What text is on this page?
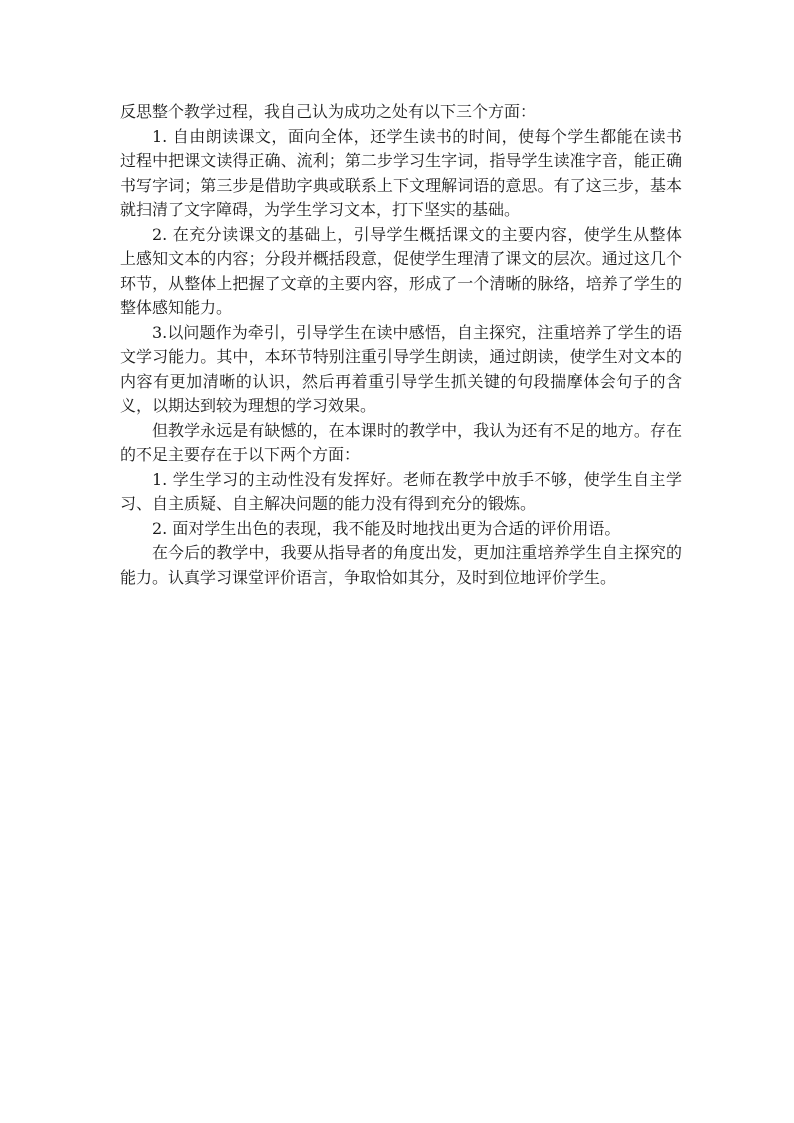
反思整个教学过程，我自己认为成功之处有以下三个方面：

1. 自由朗读课文，面向全体，还学生读书的时间，使每个学生都能在读书过程中把课文读得正确、流利；第二步学习生字词，指导学生读准字音，能正确书写字词；第三步是借助字典或联系上下文理解词语的意思。有了这三步，基本就扫清了文字障碍，为学生学习文本，打下坚实的基础。

2. 在充分读课文的基础上，引导学生概括课文的主要内容，使学生从整体上感知文本的内容；分段并概括段意，促使学生理清了课文的层次。通过这几个环节，从整体上把握了文章的主要内容，形成了一个清晰的脉络，培养了学生的整体感知能力。

3.以问题作为牵引，引导学生在读中感悟，自主探究，注重培养了学生的语文学习能力。其中，本环节特别注重引导学生朗读，通过朗读，使学生对文本的内容有更加清晰的认识，然后再着重引导学生抓关键的句段揣摩体会句子的含义，以期达到较为理想的学习效果。

但教学永远是有缺憾的，在本课时的教学中，我认为还有不足的地方。存在的不足主要存在于以下两个方面：

1. 学生学习的主动性没有发挥好。老师在教学中放手不够，使学生自主学习、自主质疑、自主解决问题的能力没有得到充分的锻炼。

2. 面对学生出色的表现，我不能及时地找出更为合适的评价用语。

在今后的教学中，我要从指导者的角度出发，更加注重培养学生自主探究的能力。认真学习课堂评价语言，争取恰如其分，及时到位地评价学生。
